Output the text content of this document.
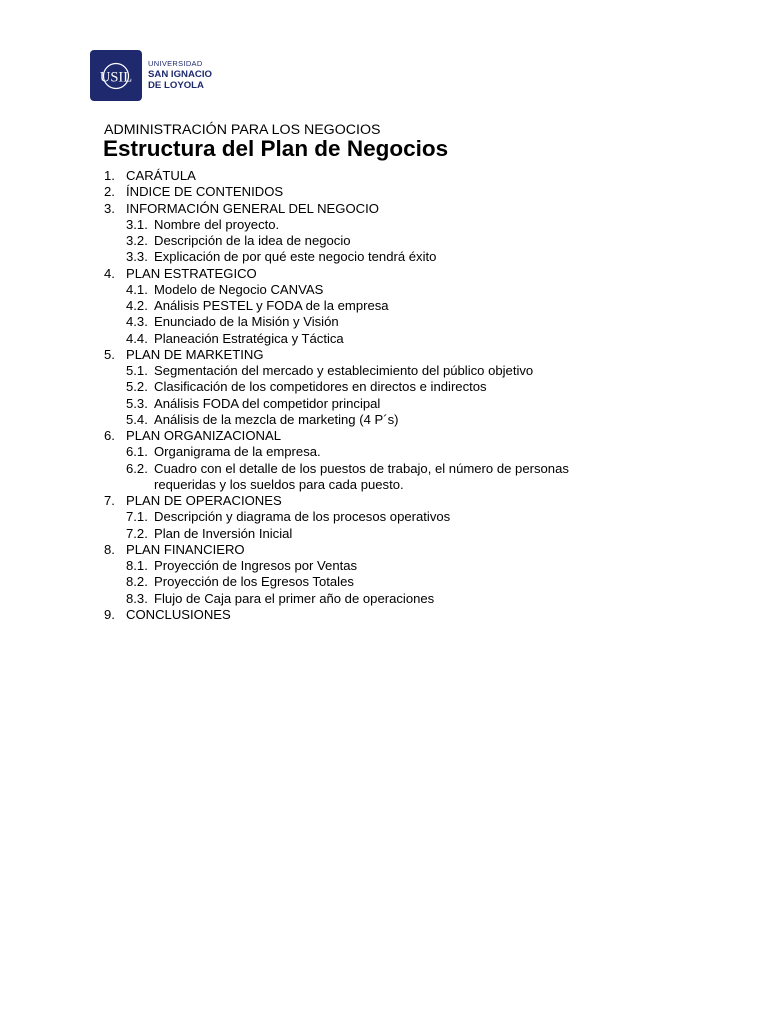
USIL
UNIVERSIDAD
SAN IGNACIO
DE LOYOLA
ADMINISTRACIÓN PARA LOS NEGOCIOS
Estructura del Plan de Negocios
1. CARÁTULA
2. ÍNDICE DE CONTENIDOS
3. INFORMACIÓN GENERAL DEL NEGOCIO
3.1. Nombre del proyecto.
3.2. Descripción de la idea de negocio
3.3. Explicación de por qué este negocio tendrá éxito
4. PLAN ESTRATEGICO
4.1. Modelo de Negocio CANVAS
4.2. Análisis PESTEL y FODA de la empresa
4.3. Enunciado de la Misión y Visión
4.4. Planeación Estratégica y Táctica
5. PLAN DE MARKETING
5.1. Segmentación del mercado y establecimiento del público objetivo
5.2. Clasificación de los competidores en directos e indirectos
5.3. Análisis FODA del competidor principal
5.4. Análisis de la mezcla de marketing (4 P´s)
6. PLAN ORGANIZACIONAL
6.1. Organigrama de la empresa.
6.2. Cuadro con el detalle de los puestos de trabajo, el número de personas
requeridas y los sueldos para cada puesto.
7. PLAN DE OPERACIONES
7.1. Descripción y diagrama de los procesos operativos
7.2. Plan de Inversión Inicial
8. PLAN FINANCIERO
8.1. Proyección de Ingresos por Ventas
8.2. Proyección de los Egresos Totales
8.3. Flujo de Caja para el primer año de operaciones
9. CONCLUSIONES
